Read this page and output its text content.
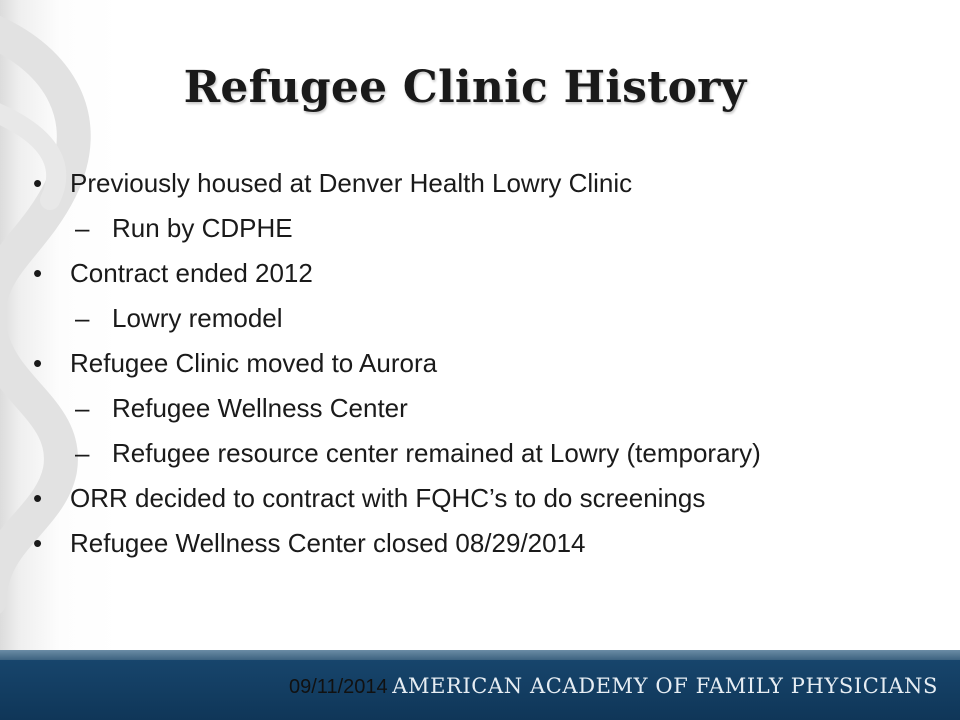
Refugee Clinic History
•	Previously housed at Denver Health Lowry Clinic
– Run by CDPHE
•	Contract ended 2012
– Lowry remodel
•	Refugee Clinic moved to Aurora
– Refugee Wellness Center
– Refugee resource center remained at Lowry (temporary)
•	ORR decided to contract with FQHC’s to do screenings
•	Refugee Wellness Center closed 08/29/2014
09/11/2014 AMERICAN ACADEMY OF FAMILY PHYSICIANS
